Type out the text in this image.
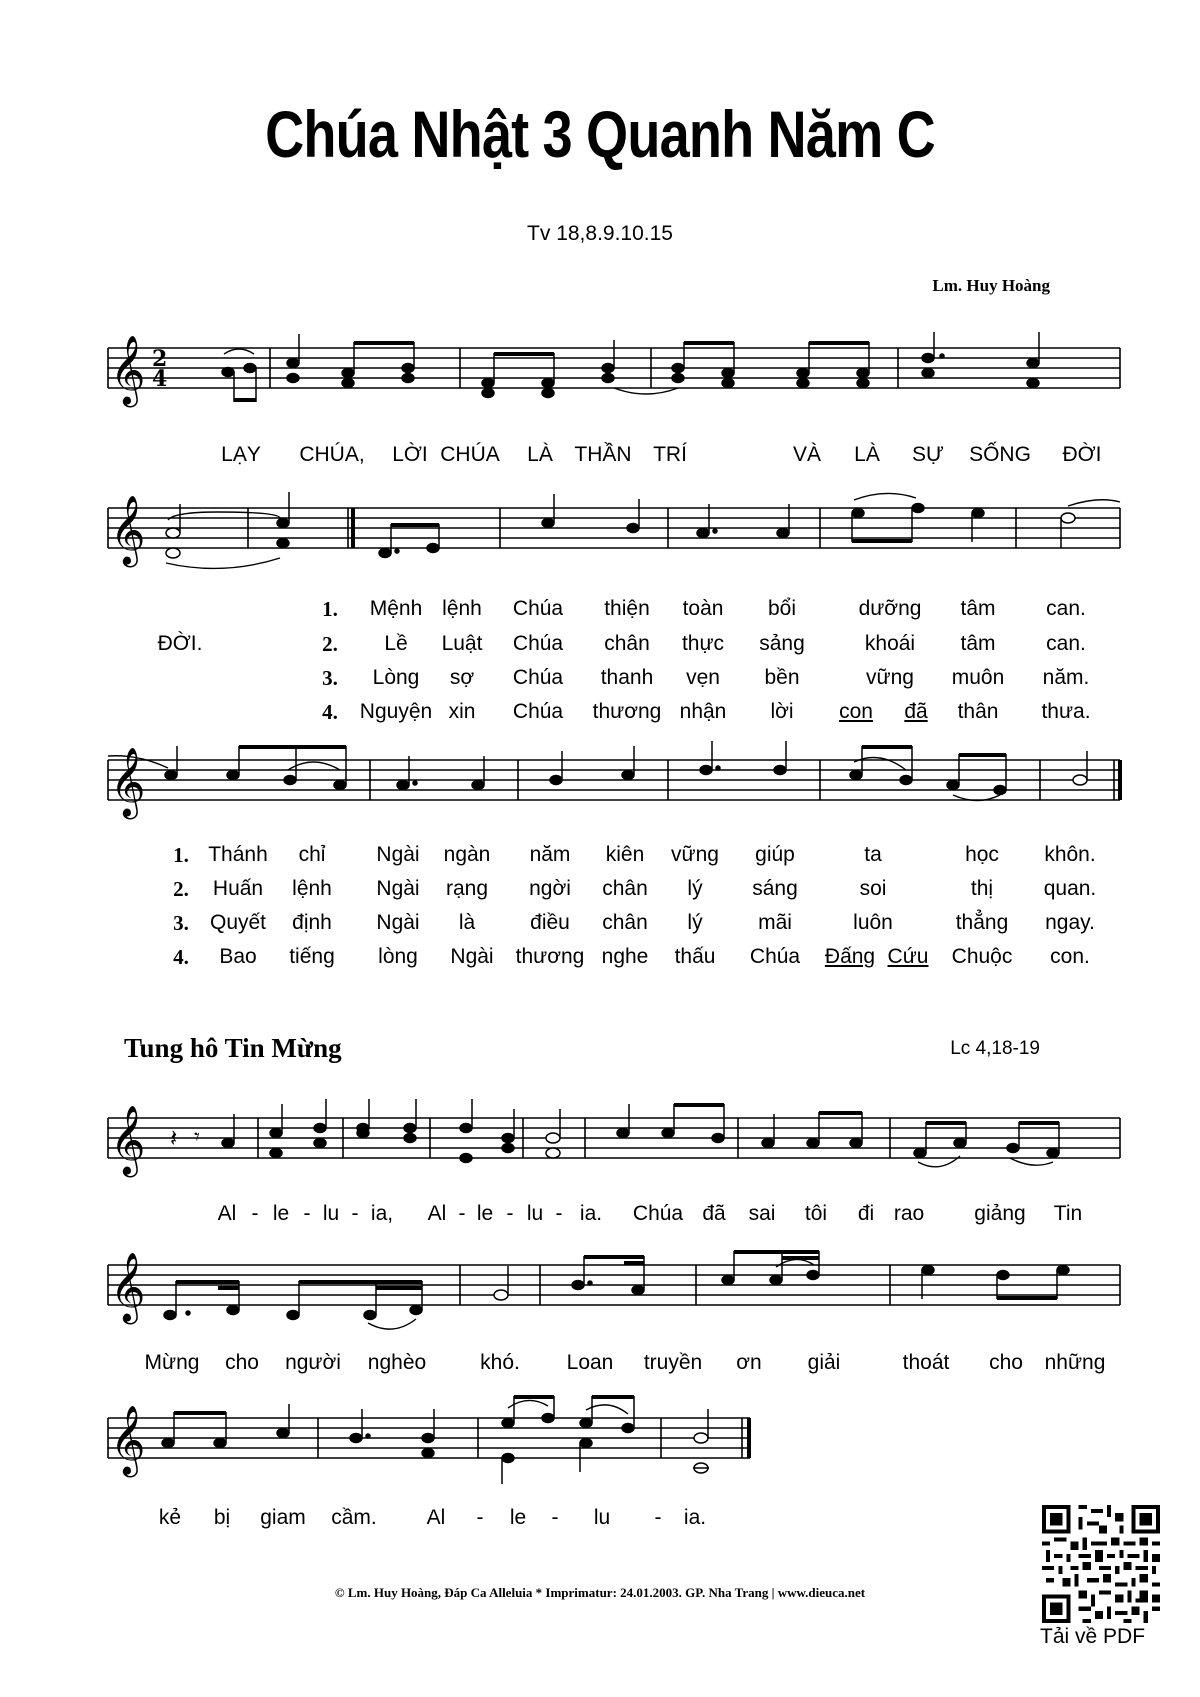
Chúa Nhật 3 Quanh Năm C
Tv 18,8.9.10.15
Lm. Huy Hoàng
𝄞 2
4
LẠY CHÚA, LỜI CHÚA LÀ THẦN TRÍ	VÀ LÀ SỰ SỐNG ĐỜI
𝄞
ĐỜI.
1. Mệnh lệnh Chúa thiện toàn bổi	dưỡng tâm can.
2. Lề Luật Chúa chân thực sảng	khoái tâm can.
3. Lòng sợ Chúa thanh vẹn bền	vững muôn năm.
4. Nguyện xin Chúa thương nhận lời con đã thân thưa.
𝄞
1. Thánh chỉ Ngài ngàn năm kiên vững giúp	ta	học khôn.
2. Huấn lệnh Ngài rạng ngời chân lý sáng	soi	thị quan.
3. Quyết định Ngài là	điều chân lý	mãi	luôn	thẳng ngay.
4. Bao tiếng lòng Ngài thương nghe thấu Chúa Đấng Cứu Chuộc con.
Tung hô Tin Mừng	Lc 4,18-19
𝄞 𝄽 𝄾
Al - le - lu - ia, Al - le - lu - ia. Chúa đã sai tôi đi rao giảng Tin
𝄞
Mừng cho người nghèo	khó. Loan truyền ơn giải	thoát cho những
𝄞
kẻ bị giam cầm. Al - le - lu - ia.
© Lm. Huy Hoàng, Đáp Ca Alleluia * Imprimatur: 24.01.2003. GP. Nha Trang | www.dieuca.net
Tải về PDF
